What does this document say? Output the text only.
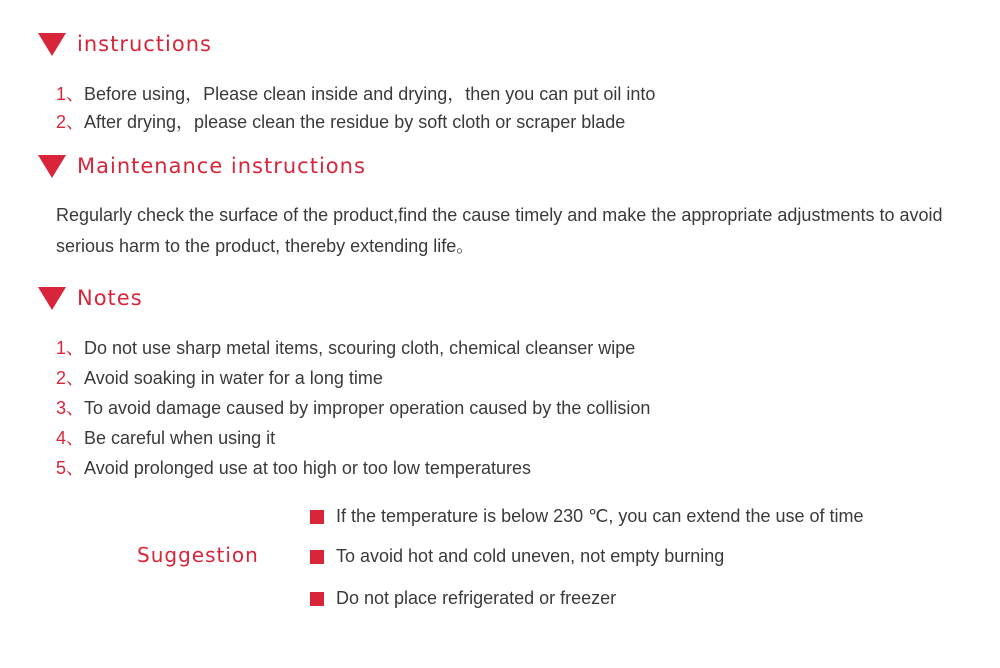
instructions
1、Before using，Please clean inside and drying，then you can put oil into
2、After drying，please clean the residue by soft cloth or scraper blade
Maintenance instructions

Regularly check the surface of the product,find the cause timely and make the appropriate adjustments to avoid serious harm to the product, thereby extending life。

Notes
1、Do not use sharp metal items, scouring cloth, chemical cleanser wipe
2、Avoid soaking in water for a long time
3、To avoid damage caused by improper operation caused by the collision
4、Be careful when using it
5、Avoid prolonged use at too high or too low temperatures
Suggestion
If the temperature is below 230 ℃, you can extend the use of time
To avoid hot and cold uneven, not empty burning
Do not place refrigerated or freezer
